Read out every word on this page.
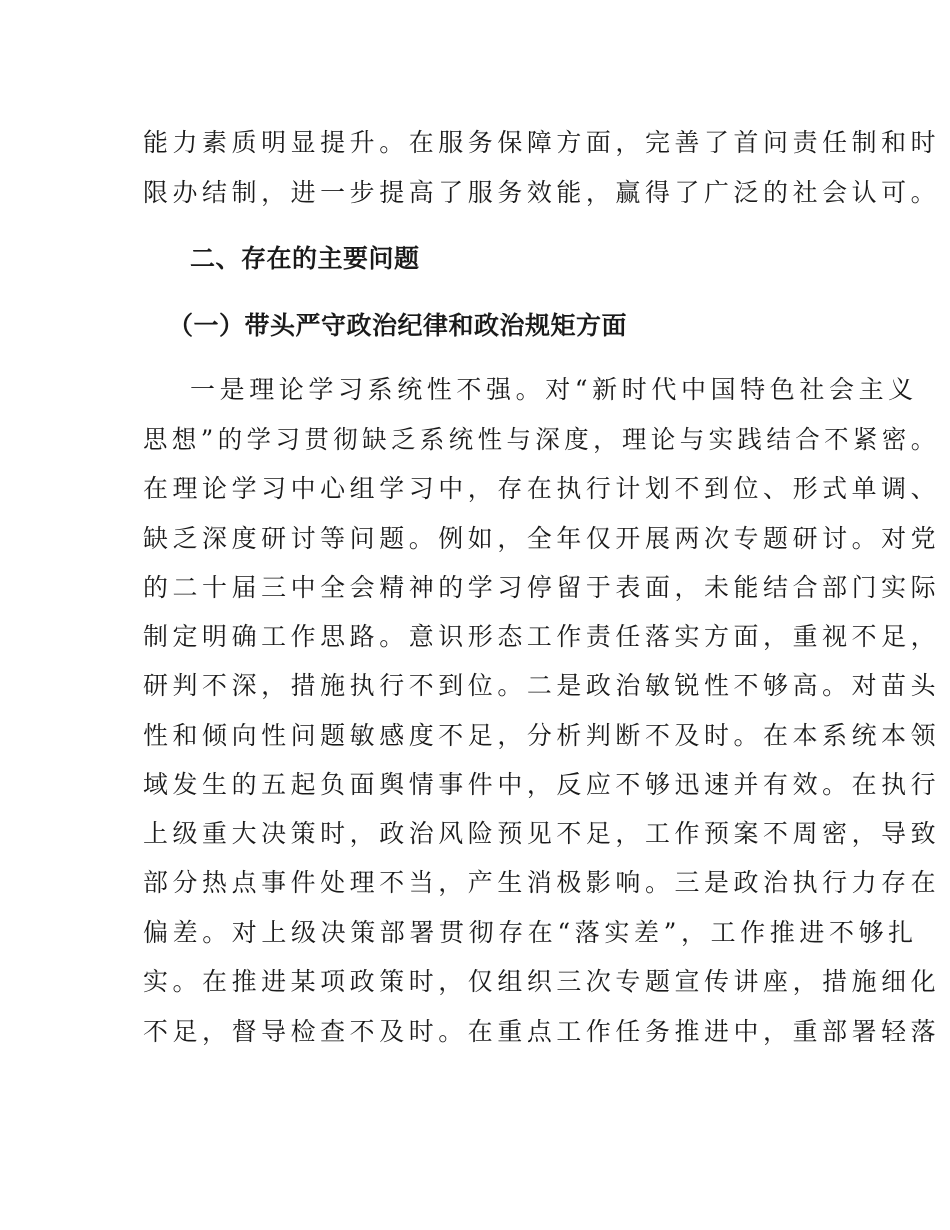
能力素质明显提升。在服务保障方面，完善了首问责任制和时

限办结制，进一步提高了服务效能，赢得了广泛的社会认可。

二、存在的主要问题

（一）带头严守政治纪律和政治规矩方面

一是理论学习系统性不强。对“新时代中国特色社会主义

思想”的学习贯彻缺乏系统性与深度，理论与实践结合不紧密。

在理论学习中心组学习中，存在执行计划不到位、形式单调、

缺乏深度研讨等问题。例如，全年仅开展两次专题研讨。对党

的二十届三中全会精神的学习停留于表面，未能结合部门实际

制定明确工作思路。意识形态工作责任落实方面，重视不足，

研判不深，措施执行不到位。二是政治敏锐性不够高。对苗头

性和倾向性问题敏感度不足，分析判断不及时。在本系统本领

域发生的五起负面舆情事件中，反应不够迅速并有效。在执行

上级重大决策时，政治风险预见不足，工作预案不周密，导致

部分热点事件处理不当，产生消极影响。三是政治执行力存在

偏差。对上级决策部署贯彻存在“落实差”，工作推进不够扎

实。在推进某项政策时，仅组织三次专题宣传讲座，措施细化

不足，督导检查不及时。在重点工作任务推进中，重部署轻落
